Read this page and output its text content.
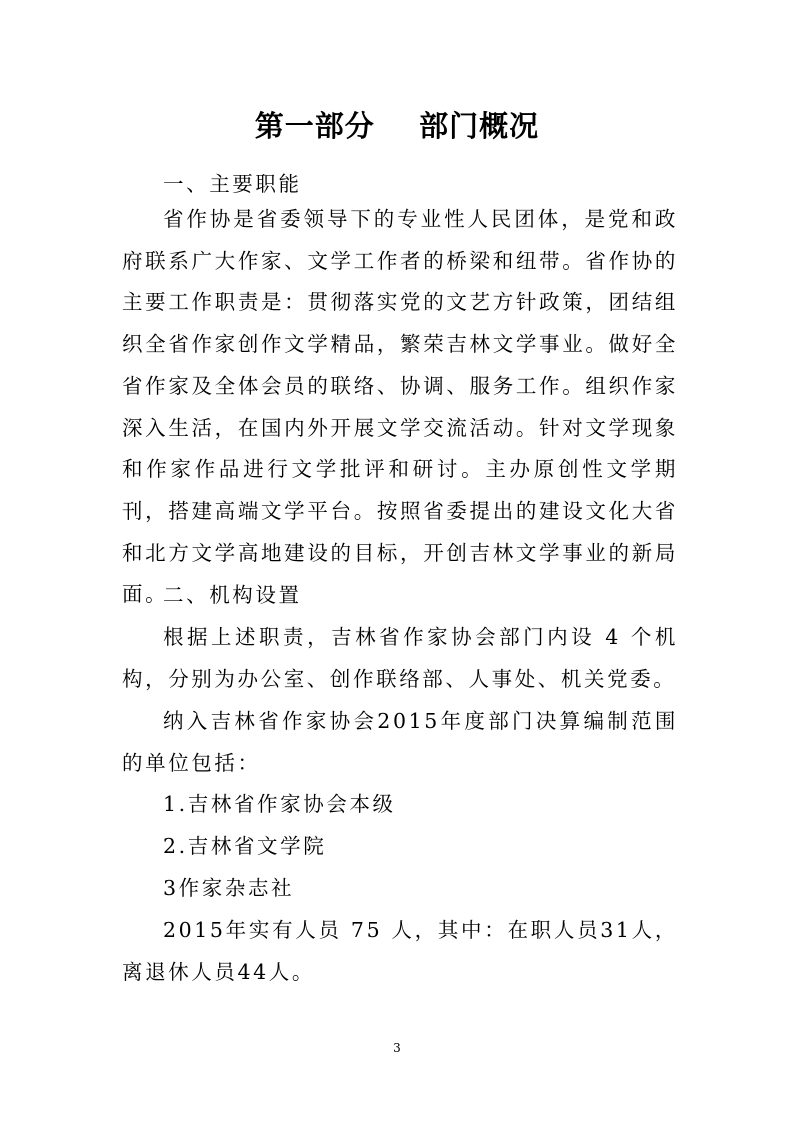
第一部分    部门概况

一、主要职能

省作协是省委领导下的专业性人民团体，是党和政府联系广大作家、文学工作者的桥梁和纽带。省作协的主要工作职责是：贯彻落实党的文艺方针政策，团结组织全省作家创作文学精品，繁荣吉林文学事业。做好全省作家及全体会员的联络、协调、服务工作。组织作家深入生活，在国内外开展文学交流活动。针对文学现象和作家作品进行文学批评和研讨。主办原创性文学期刊，搭建高端文学平台。按照省委提出的建设文化大省和北方文学高地建设的目标，开创吉林文学事业的新局面。

二、机构设置

根据上述职责，吉林省作家协会部门内设 4 个机构，分别为办公室、创作联络部、人事处、机关党委。

纳入吉林省作家协会2015年度部门决算编制范围的单位包括：

1.吉林省作家协会本级

2.吉林省文学院

3作家杂志社

2015年实有人员 75 人，其中：在职人员31人，离退休人员44人。

3
